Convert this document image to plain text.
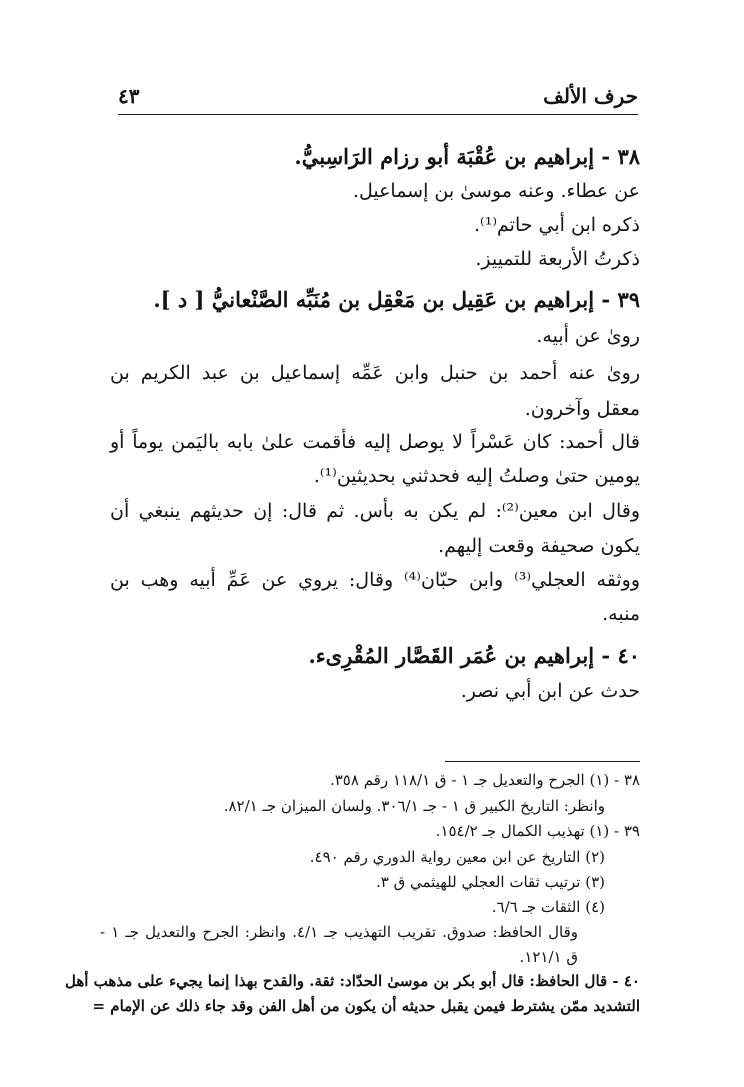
حرف الألف
٤٣
٣٨ - إبراهيم بن عُقْبَة أبو رزام الرَاسِبيُّ.
عن عطاء. وعنه موسىٰ بن إسماعيل.
ذكره ابن أبي حاتم⁽¹⁾.
ذكرتُ الأربعة للتمييز.
٣٩ - إبراهيم بن عَقِيل بن مَعْقِل بن مُنَبِّه الصَّنْعانيُّ [ د ].
روىٰ عن أبيه.
روىٰ عنه أحمد بن حنبل وابن عَمِّه إسماعيل بن عبد الكريم بن
معقل وآخرون.
قال أحمد: كان عَسْراً لا يوصل إليه فأقمت علىٰ بابه باليَمن يوماً أو
يومين حتىٰ وصلتُ إليه فحدثني بحديثين⁽¹⁾.
وقال ابن معين⁽²⁾: لم يكن به بأس. ثم قال: إن حديثهم ينبغي أن
يكون صحيفة وقعت إليهم.
ووثقه العجلي⁽³⁾ وابن حبّان⁽⁴⁾ وقال: يروي عن عَمِّ أبيه وهب بن
منبه.
٤٠ - إبراهيم بن عُمَر القَصَّار المُقْرِىء.
حدث عن ابن أبي نصر.
٣٨ - (١) الجرح والتعديل جـ ١ - ق ١١٨/١ رقم ٣٥٨.
وانظر: التاريخ الكبير ق ١ - جـ ٣٠٦/١. ولسان الميزان جـ ٨٢/١.
٣٩ - (١) تهذيب الكمال جـ ١٥٤/٢.
(٢) التاريخ عن ابن معين رواية الدوري رقم ٤٩٠.
(٣) ترتيب ثقات العجلي للهيثمي ق ٣.
(٤) الثقات جـ ٦/٦.
وقال الحافظ: صدوق. تقريب التهذيب جـ ٤/١. وانظر: الجرح والتعديل جـ ١ -
ق ١٢١/١.
٤٠ - قال الحافظ: قال أبو بكر بن موسىٰ الحدّاد: ثقة. والقدح بهذا إنما يجيء على مذهب أهل
التشديد ممّن يشترط فيمن يقبل حديثه أن يكون من أهل الفن وقد جاء ذلك عن الإمام =
